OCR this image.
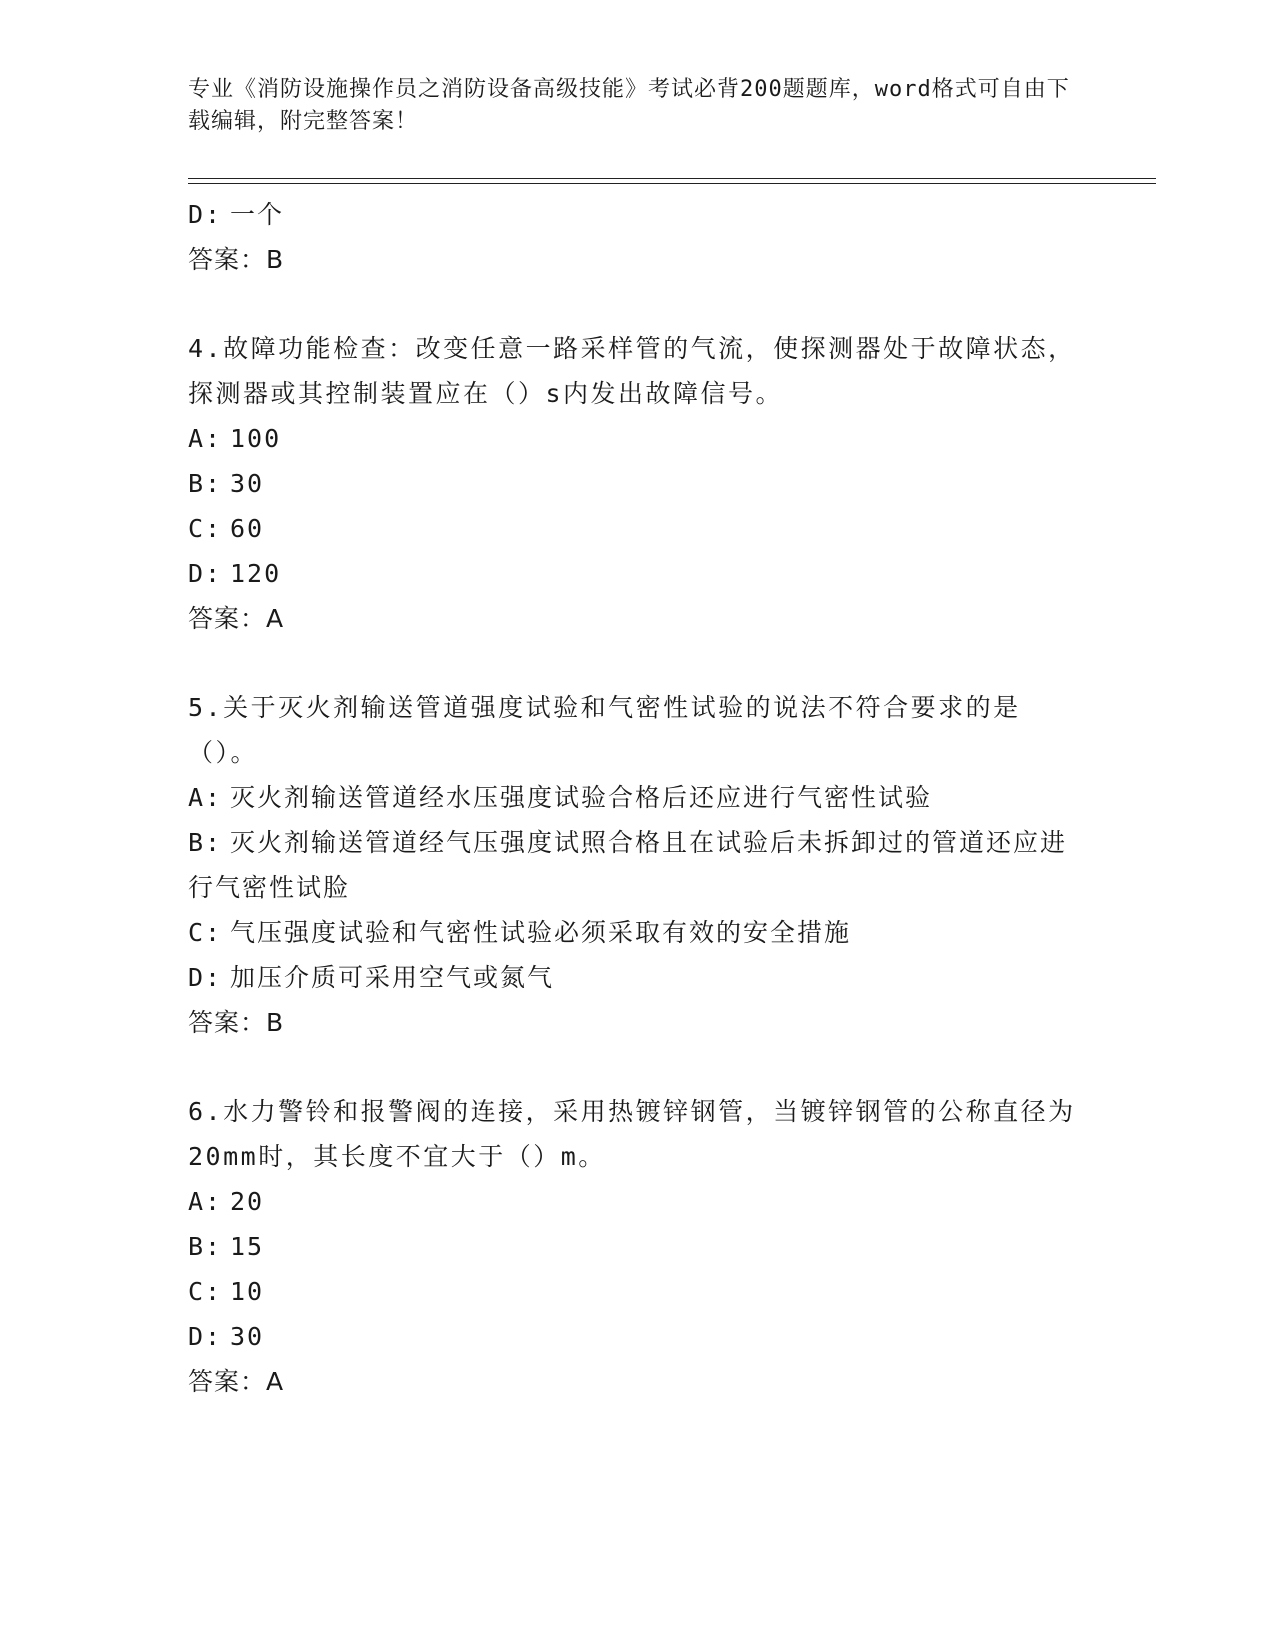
专业《消防设施操作员之消防设备高级技能》考试必背200题题库，word格式可自由下载编辑，附完整答案！
D: 一个
答案：B
4.故障功能检查：改变任意一路采样管的气流，使探测器处于故障状态，探测器或其控制装置应在（）s内发出故障信号。
A: 100
B: 30
C: 60
D: 120
答案：A
5.关于灭火剂输送管道强度试验和气密性试验的说法不符合要求的是（）。
A: 灭火剂输送管道经水压强度试验合格后还应进行气密性试验
B: 灭火剂输送管道经气压强度试照合格且在试验后未拆卸过的管道还应进行气密性试脸
C: 气压强度试验和气密性试验必须采取有效的安全措施
D: 加压介质可采用空气或氮气
答案：B
6.水力警铃和报警阀的连接，采用热镀锌钢管，当镀锌钢管的公称直径为20mm时，其长度不宜大于（）m。
A: 20
B: 15
C: 10
D: 30
答案：A
